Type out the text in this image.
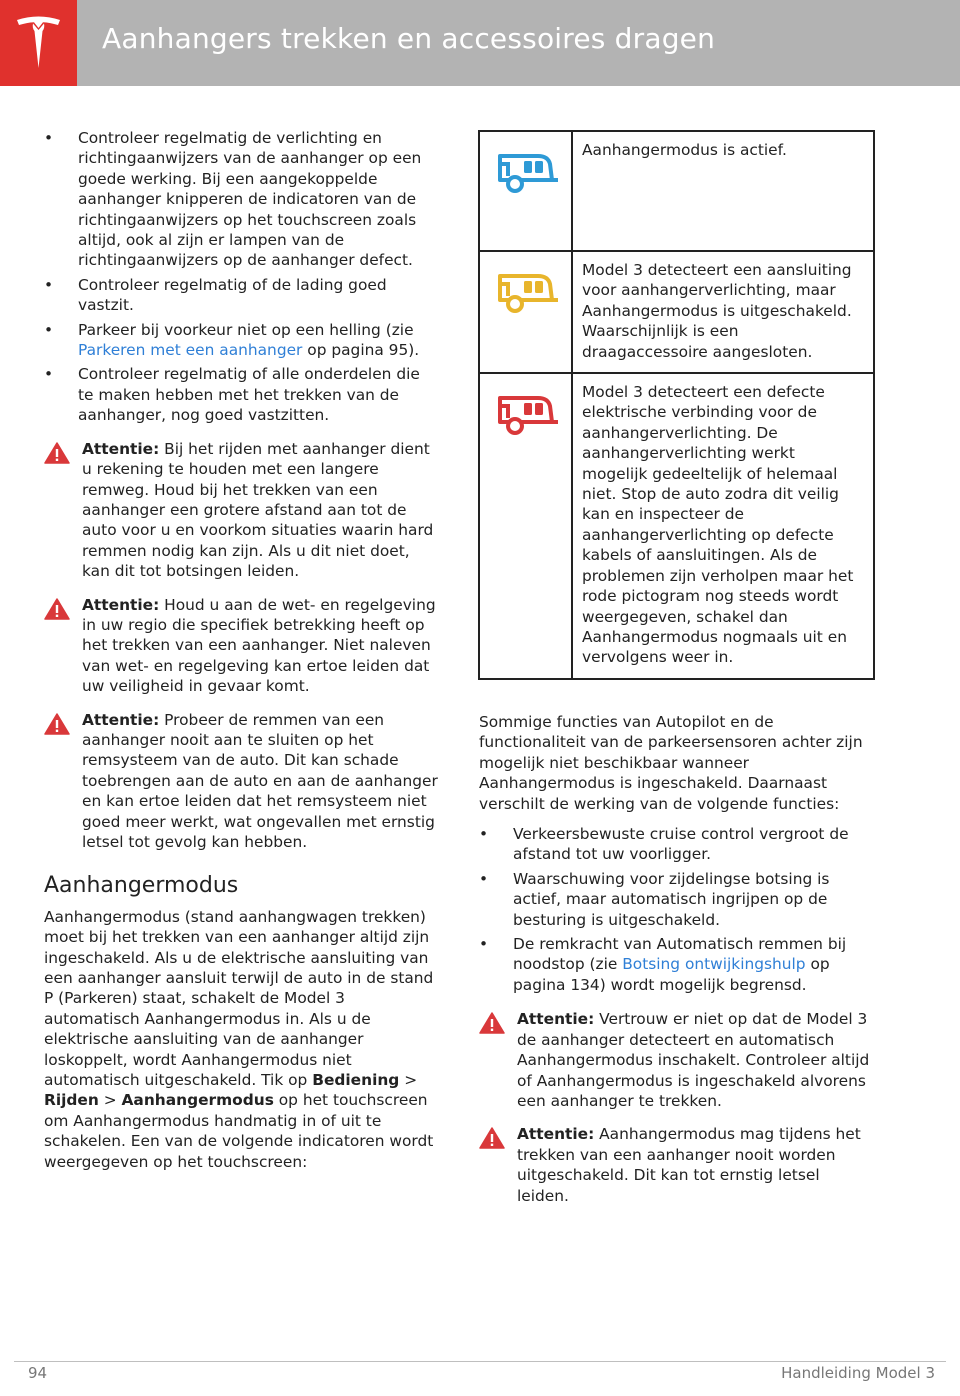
Aanhangers trekken en accessoires dragen
• Controleer regelmatig de verlichting en richtingaanwijzers van de aanhanger op een goede werking. Bij een aangekoppelde aanhanger knipperen de indicatoren van de richtingaanwijzers op het touchscreen zoals altijd, ook al zijn er lampen van de richtingaanwijzers op de aanhanger defect.
• Controleer regelmatig of de lading goed vastzit.
• Parkeer bij voorkeur niet op een helling (zie Parkeren met een aanhanger op pagina 95).
• Controleer regelmatig of alle onderdelen die te maken hebben met het trekken van de aanhanger, nog goed vastzitten.
Attentie: Bij het rijden met aanhanger dient u rekening te houden met een langere remweg. Houd bij het trekken van een aanhanger een grotere afstand aan tot de auto voor u en voorkom situaties waarin hard remmen nodig kan zijn. Als u dit niet doet, kan dit tot botsingen leiden.
Attentie: Houd u aan de wet- en regelgeving in uw regio die specifiek betrekking heeft op het trekken van een aanhanger. Niet naleven van wet- en regelgeving kan ertoe leiden dat uw veiligheid in gevaar komt.
Attentie: Probeer de remmen van een aanhanger nooit aan te sluiten op het remsysteem van de auto. Dit kan schade toebrengen aan de auto en aan de aanhanger en kan ertoe leiden dat het remsysteem niet goed meer werkt, wat ongevallen met ernstig letsel tot gevolg kan hebben.
Aanhangermodus

Aanhangermodus (stand aanhangwagen trekken) moet bij het trekken van een aanhanger altijd zijn ingeschakeld. Als u de elektrische aansluiting van een aanhanger aansluit terwijl de auto in de stand P (Parkeren) staat, schakelt de Model 3 automatisch Aanhangermodus in. Als u de elektrische aansluiting van de aanhanger loskoppelt, wordt Aanhangermodus niet automatisch uitgeschakeld. Tik op Bediening > Rijden > Aanhangermodus op het touchscreen om Aanhangermodus handmatig in of uit te schakelen. Een van de volgende indicatoren wordt weergegeven op het touchscreen:

	Aanhangermodus is actief.
	Model 3 detecteert een aansluiting voor aanhangerverlichting, maar Aanhangermodus is uitgeschakeld. Waarschijnlijk is een draagaccessoire aangesloten.
	Model 3 detecteert een defecte elektrische verbinding voor de aanhangerverlichting. De aanhangerverlichting werkt mogelijk gedeeltelijk of helemaal niet. Stop de auto zodra dit veilig kan en inspecteer de aanhangerverlichting op defecte kabels of aansluitingen. Als de problemen zijn verholpen maar het rode pictogram nog steeds wordt weergegeven, schakel dan Aanhangermodus nogmaals uit en vervolgens weer in.

Sommige functies van Autopilot en de functionaliteit van de parkeersensoren achter zijn mogelijk niet beschikbaar wanneer Aanhangermodus is ingeschakeld. Daarnaast verschilt de werking van de volgende functies:

• Verkeersbewuste cruise control vergroot de afstand tot uw voorligger.
• Waarschuwing voor zijdelingse botsing is actief, maar automatisch ingrijpen op de besturing is uitgeschakeld.
• De remkracht van Automatisch remmen bij noodstop (zie Botsing ontwijkingshulp op pagina 134) wordt mogelijk begrensd.
Attentie: Vertrouw er niet op dat de Model 3 de aanhanger detecteert en automatisch Aanhangermodus inschakelt. Controleer altijd of Aanhangermodus is ingeschakeld alvorens een aanhanger te trekken.
Attentie: Aanhangermodus mag tijdens het trekken van een aanhanger nooit worden uitgeschakeld. Dit kan tot ernstig letsel leiden.
94	Handleiding Model 3
